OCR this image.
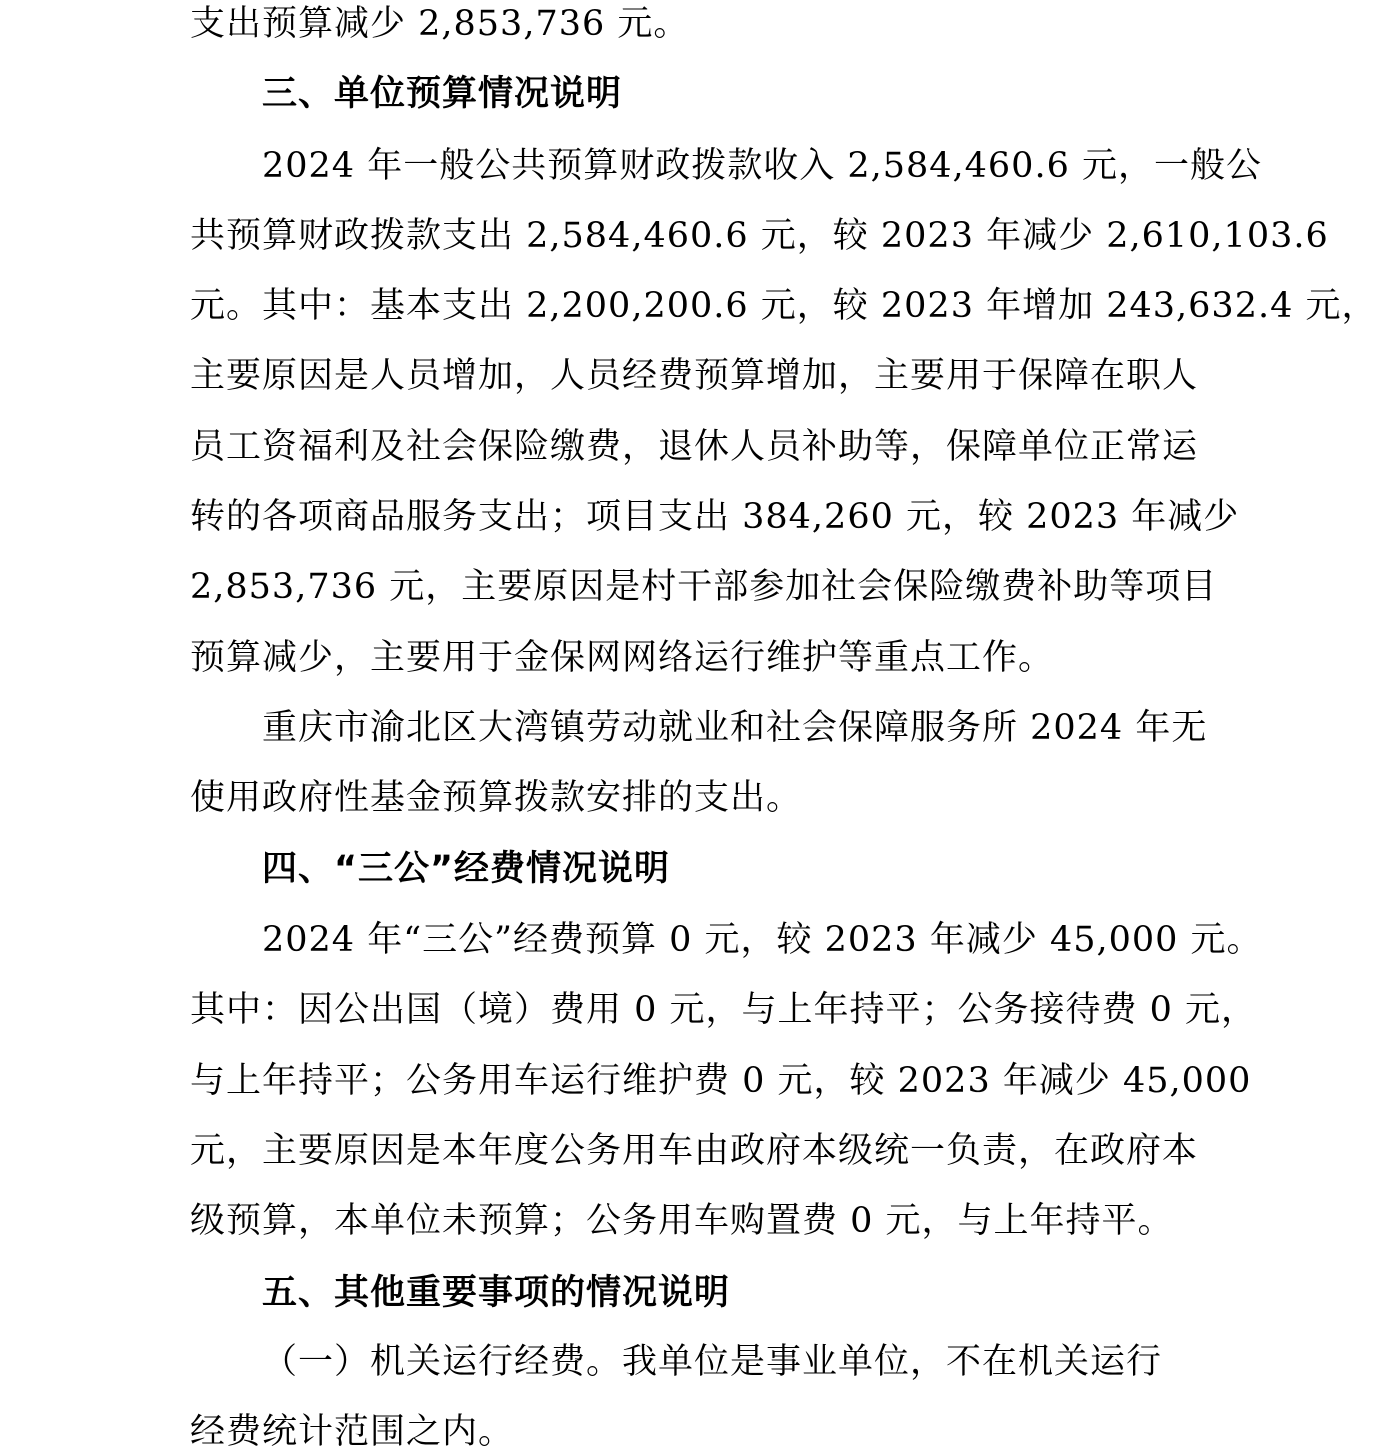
支出预算减少 2,853,736 元。
三、单位预算情况说明
2024 年一般公共预算财政拨款收入 2,584,460.6 元，一般公
共预算财政拨款支出 2,584,460.6 元，较 2023 年减少 2,610,103.6
元。其中：基本支出 2,200,200.6 元，较 2023 年增加 243,632.4 元，
主要原因是人员增加，人员经费预算增加，主要用于保障在职人
员工资福利及社会保险缴费，退休人员补助等，保障单位正常运
转的各项商品服务支出；项目支出 384,260 元，较 2023 年减少
2,853,736 元，主要原因是村干部参加社会保险缴费补助等项目
预算减少，主要用于金保网网络运行维护等重点工作。
重庆市渝北区大湾镇劳动就业和社会保障服务所 2024 年无
使用政府性基金预算拨款安排的支出。
四、“三公”经费情况说明
2024 年“三公”经费预算 0 元，较 2023 年减少 45,000 元。
其中：因公出国（境）费用 0 元，与上年持平；公务接待费 0 元，
与上年持平；公务用车运行维护费 0 元，较 2023 年减少 45,000
元，主要原因是本年度公务用车由政府本级统一负责，在政府本
级预算，本单位未预算；公务用车购置费 0 元，与上年持平。
五、其他重要事项的情况说明
（一）机关运行经费。我单位是事业单位，不在机关运行
经费统计范围之内。
